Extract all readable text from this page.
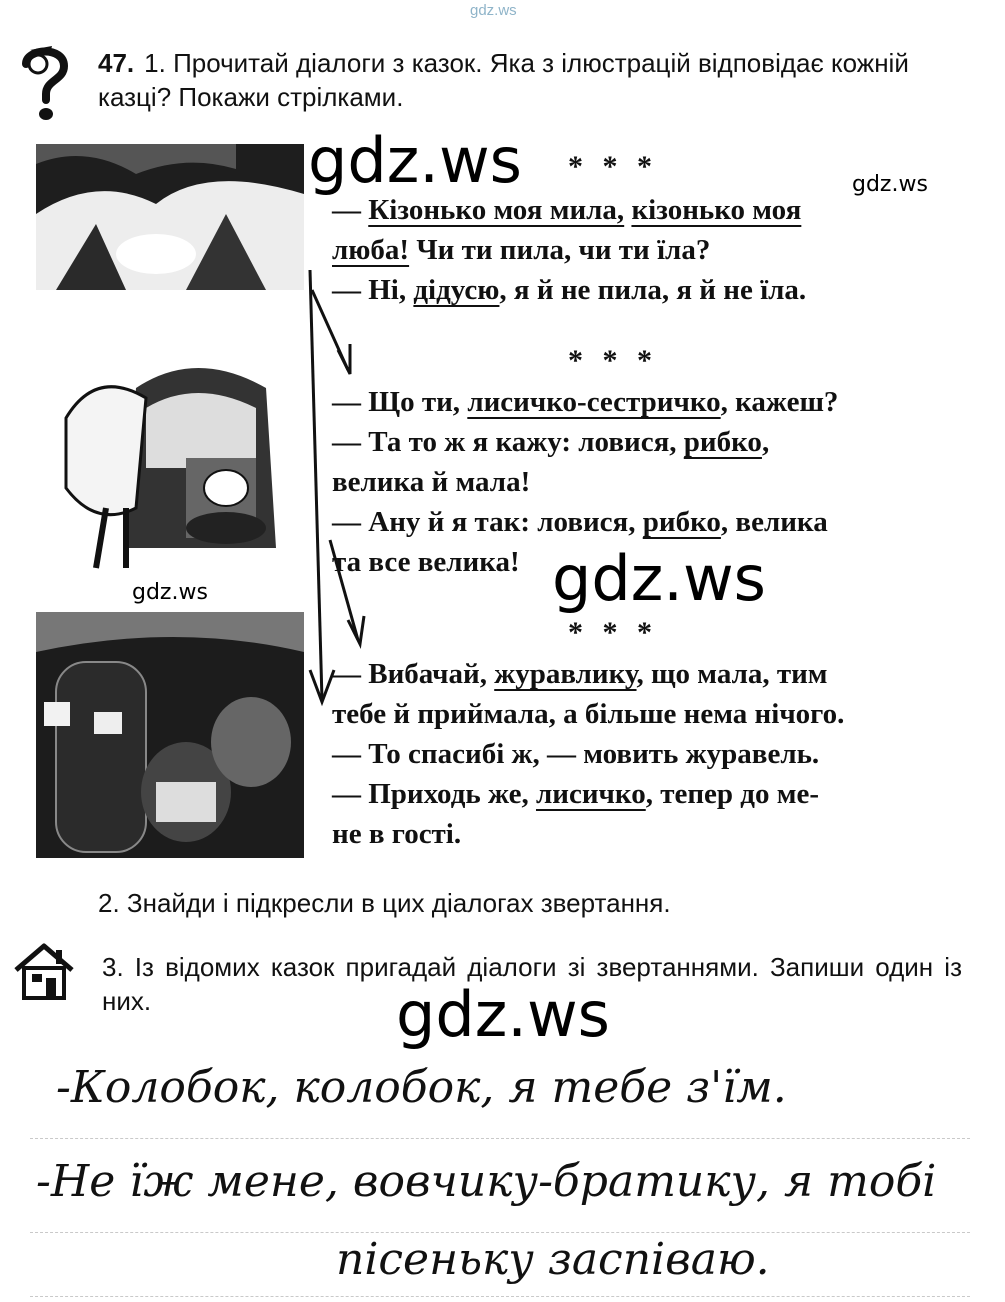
gdz.ws
47. 1. Прочитай діалоги з казок. Яка з ілюстрацій відповідає кожній казці? Покажи стрілками.
* * *
— Кізонько моя мила, кізонько моя
люба! Чи ти пила, чи ти їла?
— Ні, дідусю, я й не пила, я й не їла.
* * *
— Що ти, лисичко-сестричко, кажеш?
— Та то ж я кажу: ловися, рибко,
велика й мала!
— Ану й я так: ловися, рибко, велика
та все велика!
* * *
— Вибачай, журавлику, що мала, тим
тебе й приймала, а більше нема нічого.
— То спасибі ж, — мовить журавель.
— Приходь же, лисичко, тепер до ме-
не в гості.
gdz.ws	gdz.ws
gdz.ws
gdz.ws
gdz.ws
2. Знайди і підкресли в цих діалогах звертання.
3. Із відомих казок пригадай діалоги зі звертаннями. Запиши один із них.
-Колобок, колобок, я тебе з'їм.
-Не їж мене, вовчику-братику, я тобі
пісеньку заспіваю.
